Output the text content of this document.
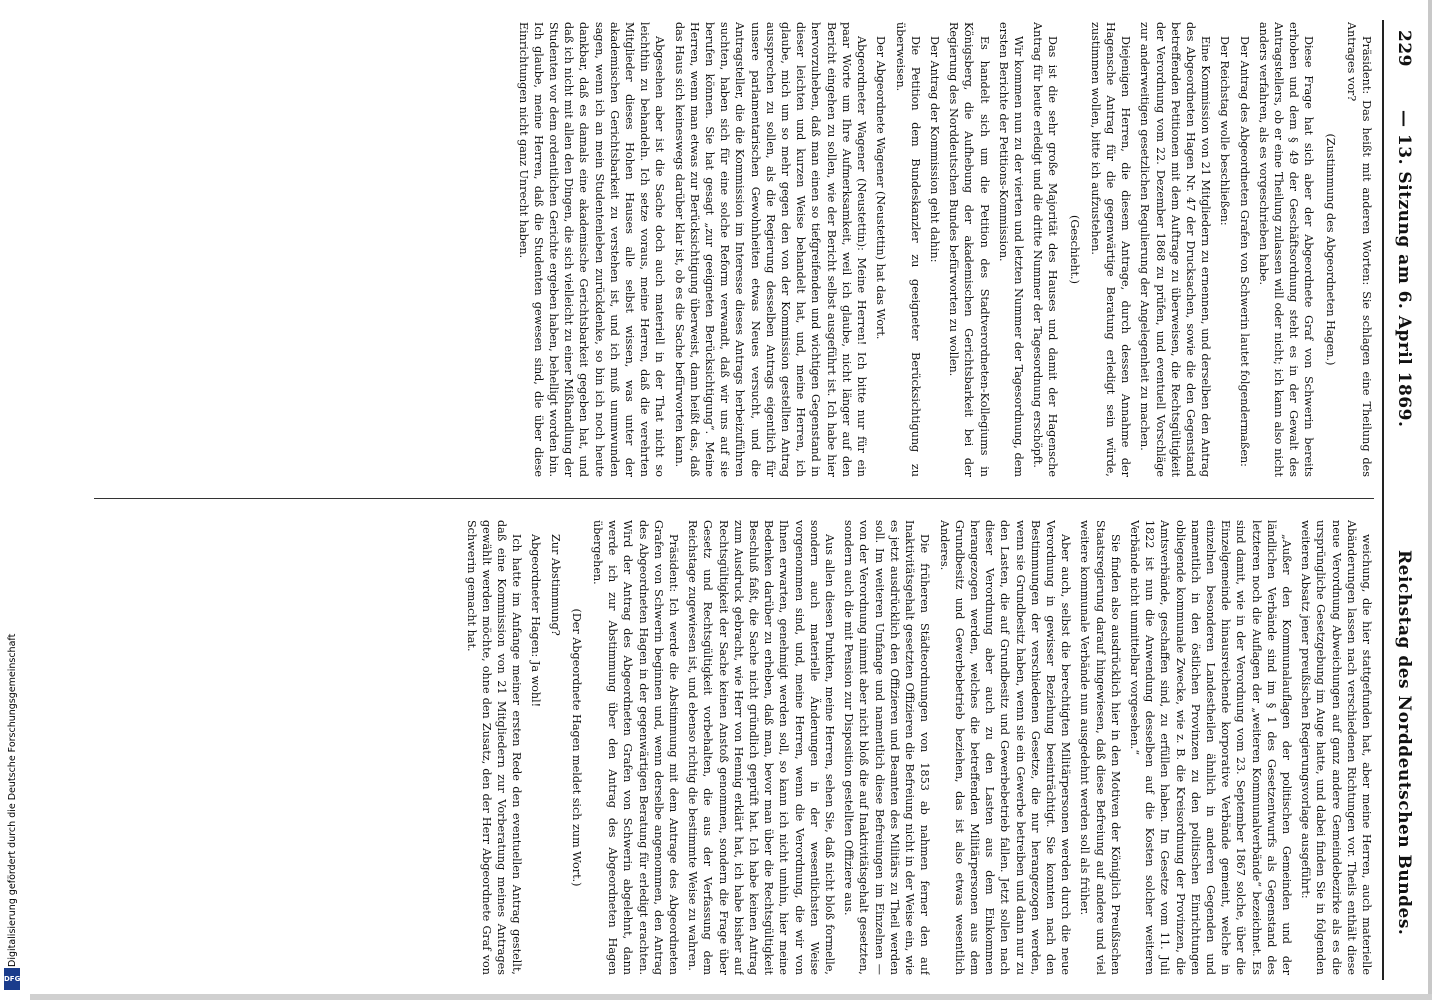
229
— 13. Sitzung am 6. April 1869.
Reichstag des Norddeutschen Bundes.

Präsident: Das heißt mit anderen Worten: Sie schlagen eine Theilung des Antrages vor?

(Zustimmung des Abgeordneten Hagen.)

Diese Frage hat sich aber der Abgeordnete Graf von Schwerin bereits erhoben und dem § 49 der Geschäftsordnung steht es in der Gewalt des Antragstellers, ob er eine Theilung zulassen will oder nicht; ich kann also nicht anders verfahren, als es vorgeschrieben habe.

Der Antrag des Abgeordneten Grafen von Schwerin lautet folgendermaßen:

Der Reichstag wolle beschließen:

Eine Kommission von 21 Mitgliedern zu ernennen, und derselben den Antrag des Abgeordneten Hagen Nr. 47 der Drucksachen, sowie die den Gegenstand betreffenden Petitionen mit dem Auftrage zu überweisen, die Rechtsgültigkeit der Verordnung vom 22. Dezember 1868 zu prüfen, und eventuell Vorschläge zur anderweitigen gesetzlichen Regulierung der Angelegenheit zu machen.

Diejenigen Herren, die diesem Antrage, durch dessen Annahme der Hagensche Antrag für die gegenwärtige Beratung erledigt sein würde, zustimmen wollen, bitte ich aufzustehen.

(Geschieht.)

Das ist die sehr große Majorität des Hauses und damit der Hagensche Antrag für heute erledigt und die dritte Nummer der Tagesordnung erschöpft.

Wir kommen nun zu der vierten und letzten Nummer der Tagesordnung, dem ersten Berichte der Petitions-Kommission.

Es handelt sich um die Petition des Stadtverordneten-Kollegiums in Königsberg, die Aufhebung der akademischen Gerichtsbarkeit bei der Regierung des Norddeutschen Bundes befürworten zu wollen.

Der Antrag der Kommission geht dahin:

Die Petition dem Bundeskanzler zu geeigneter Berücksichtigung zu überweisen.

Der Abgeordnete Wagener (Neustettin) hat das Wort.

Abgeordneter Wagener (Neustettin): Meine Herren! Ich bitte nur für ein paar Worte um Ihre Aufmerksamkeit, weil ich glaube, nicht länger auf den Bericht eingehen zu sollen, wie der Bericht selbst ausgeführt ist. Ich habe hier hervorzuheben, daß man einen so tiefgreifenden und wichtigen Gegenstand in dieser leichten und kurzen Weise behandelt hat, und, meine Herren, ich glaube, mich um so mehr gegen den von der Kommission gestellten Antrag aussprechen zu sollen, als die Regierung desselben Antrags eigentlich für unsere parlamentarischen Gewohnheiten etwas Neues versucht, und die Antragsteller, die die Kommission im Interesse dieses Antrags herbeizuführen suchten, haben sich für eine solche Reform verwandt, daß wir uns auf sie berufen können. Sie hat gesagt „zur geeigneten Berücksichtigung“. Meine Herren, wenn man etwas zur Berücksichtigung überweist, dann heißt das, daß das Haus sich keineswegs darüber klar ist, ob es die Sache befürworten kann.

Abgesehen aber ist die Sache doch auch materiell in der That nicht so leichthin zu behandeln. Ich setze voraus, meine Herren, daß die verehrten Mitglieder dieses Hohen Hauses alle selbst wissen, was unter der akademischen Gerichtsbarkeit zu verstehen ist, und ich muß unumwunden sagen, wenn ich an mein Studentenleben zurückdenke, so bin ich noch heute dankbar, daß es damals eine akademische Gerichtsbarkeit gegeben hat, und daß ich nicht mit allen den Dingen, die sich vielleicht zu einer Mißhandlung der Studenten vor dem ordentlichen Gerichte ergeben haben, behelligt worden bin. Ich glaube, meine Herren, daß die Studenten gewesen sind, die über diese Einrichtungen nicht ganz Unrecht haben.

weichung, die hier stattgefunden hat, aber meine Herren, auch materielle Abänderungen lassen nach verschiedenen Richtungen vor. Theils enthält diese neue Verordnung Abweichungen auf ganz andere Gemeindebezirke als es die ursprüngliche Gesetzgebung im Auge hatte, und dabei finden Sie in folgenden weiteren Absatz jener preußischen Regierungsvorlage ausgeführt:

„Außer den Kommunalauflagen der politischen Gemeinden und der ländlichen Verbände sind im § 1 des Gesetzentwurfs als Gegenstand des letzteren noch die Auflagen der „weiteren Kommunalverbände“ bezeichnet. Es sind damit, wie in der Verordnung vom 23. September 1867 solche, über die Einzelgemeinde hinausreichende korporative Verbände gemeint, welche in einzelnen besonderen Landestheilen ähnlich in anderen Gegenden und namentlich in den östlichen Provinzen zu den politischen Einrichtungen obliegende kommunale Zwecke, wie z. B. die Kreisordnung der Provinzen, die Amtsverbände, geschaffen sind, zu erfüllen haben. Im Gesetze vom 11. Juli 1822 ist nun die Anwendung desselben auf die Kosten solcher weiteren Verbände nicht unmittelbar vorgesehen.“

Sie finden also ausdrücklich hier in den Motiven der Königlich Preußischen Staatsregierung darauf hingewiesen, daß diese Befreiung auf andere und viel weitere kommunale Verbände nun ausgedehnt werden soll als früher.

Aber auch, selbst die berechtigten Militärpersonen werden durch die neue Verordnung in gewisser Beziehung beeinträchtigt. Sie konnten nach den Bestimmungen der verschiedenen Gesetze, die nur herangezogen werden, wenn sie Grundbesitz haben, wenn sie ein Gewerbe betreiben und dann nur zu den Lasten, die auf Grundbesitz und Gewerbebetrieb fallen. Jetzt sollen nach dieser Verordnung aber auch zu den Lasten aus dem Einkommen herangezogen werden, welches die betreffenden Militärpersonen aus dem Grundbesitz und Gewerbebetrieb beziehen, das ist also etwas wesentlich Anderes.

Die früheren Städteordnungen von 1853 ab nahmen ferner den auf Inaktivitätsgehalt gesetzten Offizieren die Befreiung nicht in der Weise ein, wie es jetzt ausdrücklich den Offizieren und Beamten des Militärs zu Theil werden soll. Im weiteren Umfange und namentlich diese Befreiungen im Einzelnen — von der Verordnung nimmt aber nicht bloß die auf Inaktivitätsgehalt gesetzten, sondern auch die mit Pension zur Disposition gestellten Offiziere aus.

Aus allen diesen Punkten, meine Herren, sehen Sie, daß nicht bloß formelle, sondern auch materielle Änderungen in der wesentlichsten Weise vorgenommen sind, und, meine Herren, wenn die Verordnung, die wir von Ihnen erwarten, genehmigt werden soll, so kann ich nicht umhin, hier meine Bedenken darüber zu erheben, daß man, bevor man über die Rechtsgültigkeit Beschluß faßt, die Sache nicht gründlich geprüft hat. Ich habe keinen Antrag zum Ausdruck gebracht, wie Herr von Hennig erklärt hat, ich habe bisher auf Rechtsgültigkeit der Sache keinen Anstoß genommen, sondern die Frage über Gesetz und Rechtsgültigkeit vorbehalten, die aus der Verfassung dem Reichstage zugewiesen ist, und ebenso richtig die bestimmte Weise zu wahren.

Präsident: Ich werde die Abstimmung mit dem Antrage des Abgeordneten Grafen von Schwerin beginnen und, wenn derselbe angenommen, den Antrag des Abgeordneten Hagen in der gegenwärtigen Beratung für erledigt erachten. Wird der Antrag des Abgeordneten Grafen von Schwerin abgelehnt, dann werde ich zur Abstimmung über den Antrag des Abgeordneten Hagen übergehen.

(Der Abgeordnete Hagen meldet sich zum Wort.)

Zur Abstimmung?

Abgeordneter Hagen: Ja wohl!

Ich hatte im Anfange meiner ersten Rede den eventuellen Antrag gestellt, daß eine Kommission von 21 Mitgliedern zur Vorberatung meines Antrages gewählt werden möchte, ohne den Zusatz, den der Herr Abgeordnete Graf von Schwerin gemacht hat.

Digitalisierung gefördert durch die Deutsche Forschungsgemeinschaft
DFG
